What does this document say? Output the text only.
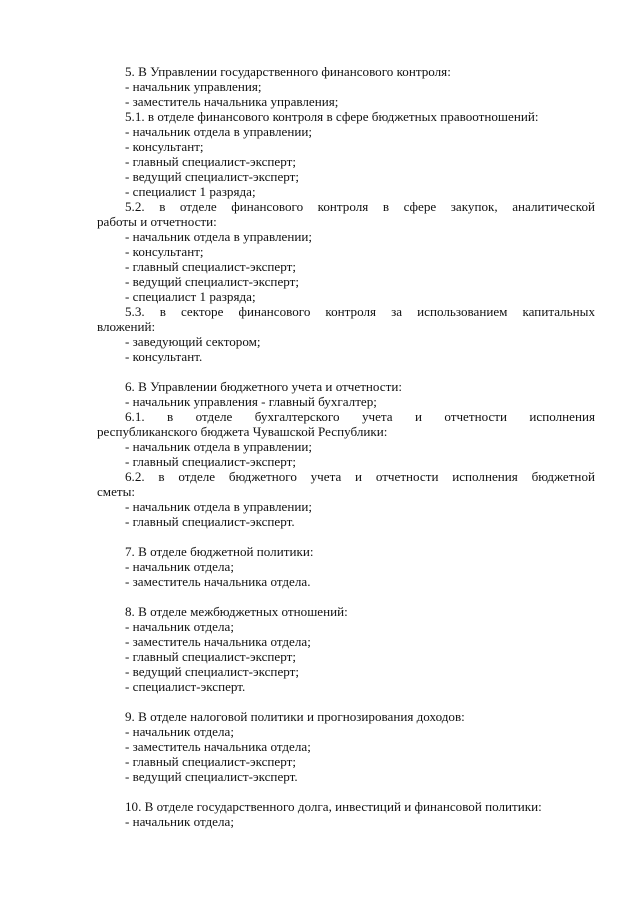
5. В Управлении государственного финансового контроля:
- начальник управления;
- заместитель начальника управления;
5.1. в отделе финансового контроля в сфере бюджетных правоотношений:
- начальник отдела в управлении;
- консультант;
- главный специалист-эксперт;
- ведущий специалист-эксперт;
- специалист 1 разряда;
5.2. в отделе финансового контроля в сфере закупок, аналитической
работы и отчетности:
- начальник отдела в управлении;
- консультант;
- главный специалист-эксперт;
- ведущий специалист-эксперт;
- специалист 1 разряда;
5.3. в секторе финансового контроля за использованием капитальных
вложений:
- заведующий сектором;
- консультант.
6. В Управлении бюджетного учета и отчетности:
- начальник управления - главный бухгалтер;
6.1. в отделе бухгалтерского учета и отчетности исполнения
республиканского бюджета Чувашской Республики:
- начальник отдела в управлении;
- главный специалист-эксперт;
6.2. в отделе бюджетного учета и отчетности исполнения бюджетной
сметы:
- начальник отдела в управлении;
- главный специалист-эксперт.
7. В отделе бюджетной политики:
- начальник отдела;
- заместитель начальника отдела.
8. В отделе межбюджетных отношений:
- начальник отдела;
- заместитель начальника отдела;
- главный специалист-эксперт;
- ведущий специалист-эксперт;
- специалист-эксперт.
9. В отделе налоговой политики и прогнозирования доходов:
- начальник отдела;
- заместитель начальника отдела;
- главный специалист-эксперт;
- ведущий специалист-эксперт.
10. В отделе государственного долга, инвестиций и финансовой политики:
- начальник отдела;
